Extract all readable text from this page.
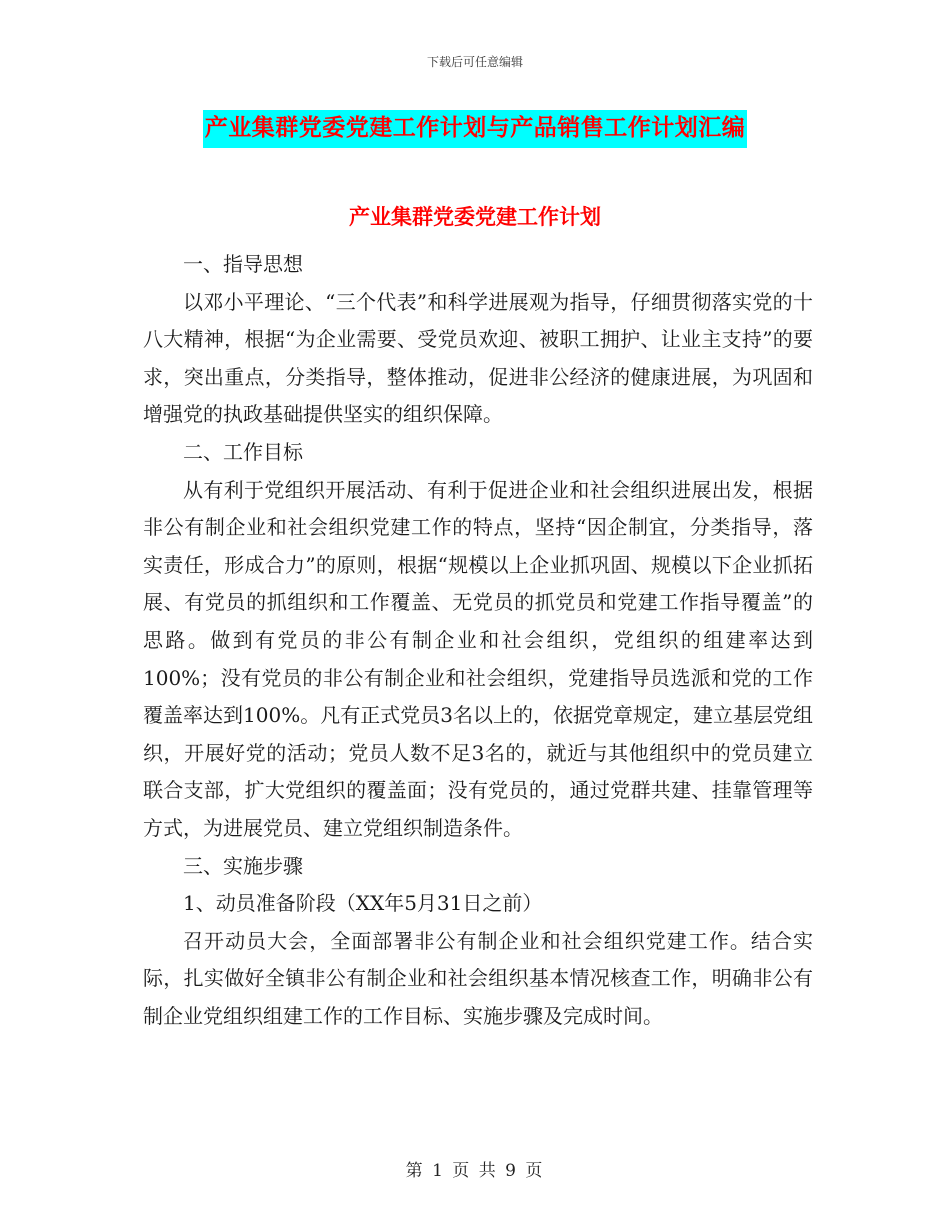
下载后可任意编辑
产业集群党委党建工作计划与产品销售工作计划汇编
产业集群党委党建工作计划

一、指导思想

以邓小平理论、“三个代表”和科学进展观为指导，仔细贯彻落实党的十八大精神，根据“为企业需要、受党员欢迎、被职工拥护、让业主支持”的要求，突出重点，分类指导，整体推动，促进非公经济的健康进展，为巩固和增强党的执政基础提供坚实的组织保障。

二、工作目标

从有利于党组织开展活动、有利于促进企业和社会组织进展出发，根据非公有制企业和社会组织党建工作的特点，坚持“因企制宜，分类指导，落实责任，形成合力”的原则，根据“规模以上企业抓巩固、规模以下企业抓拓展、有党员的抓组织和工作覆盖、无党员的抓党员和党建工作指导覆盖”的思路。做到有党员的非公有制企业和社会组织，党组织的组建率达到100%；没有党员的非公有制企业和社会组织，党建指导员选派和党的工作覆盖率达到100%。凡有正式党员3名以上的，依据党章规定，建立基层党组织，开展好党的活动；党员人数不足3名的，就近与其他组织中的党员建立联合支部，扩大党组织的覆盖面；没有党员的，通过党群共建、挂靠管理等方式，为进展党员、建立党组织制造条件。

三、实施步骤

1、动员准备阶段（XX年5月31日之前）

召开动员大会，全面部署非公有制企业和社会组织党建工作。结合实际，扎实做好全镇非公有制企业和社会组织基本情况核查工作，明确非公有制企业党组织组建工作的工作目标、实施步骤及完成时间。

第 1 页 共 9 页
